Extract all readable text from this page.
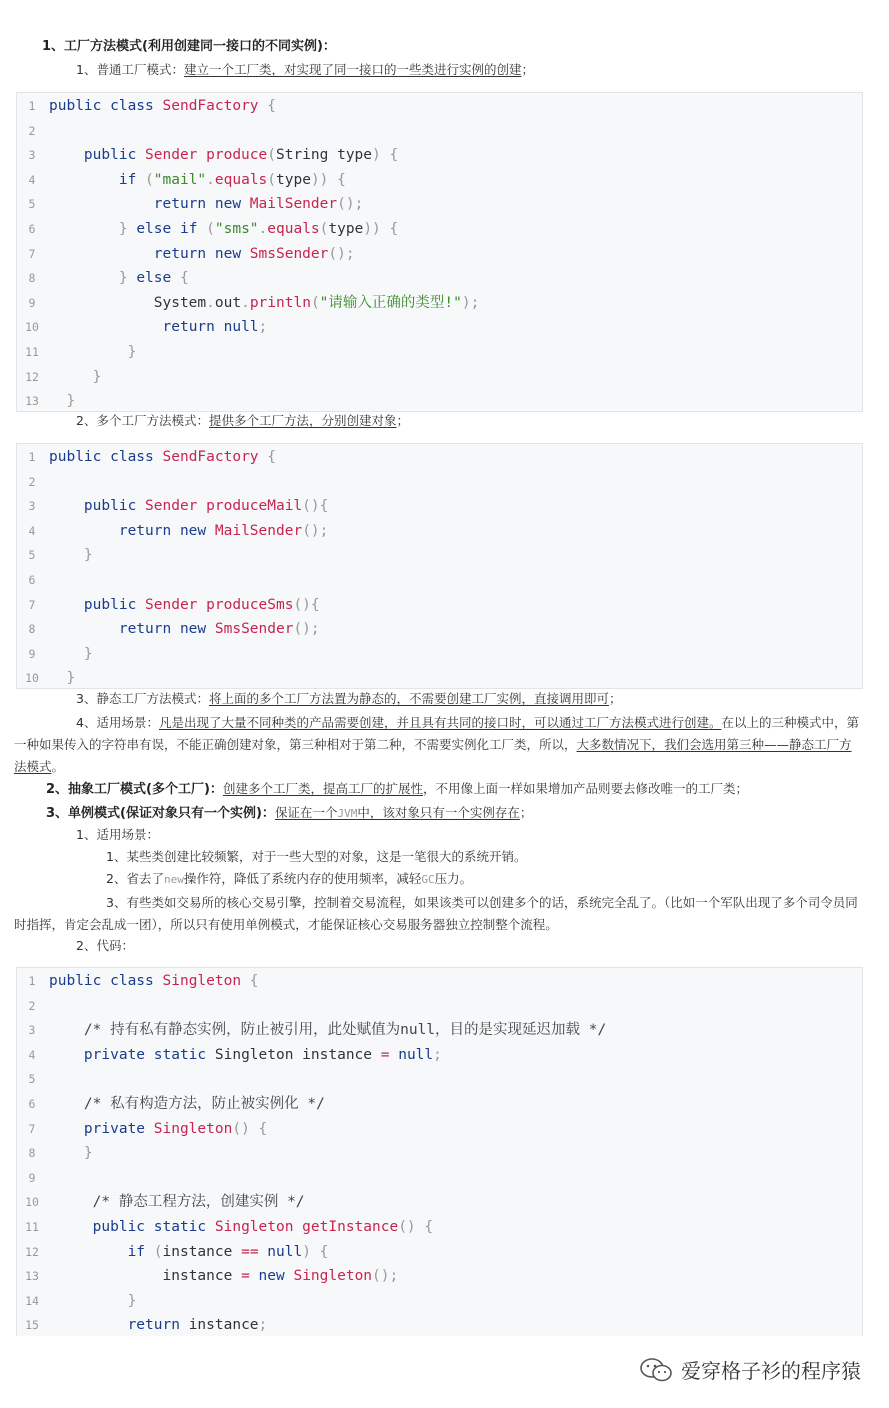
1、工厂方法模式(利用创建同一接口的不同实例)：
1、普通工厂模式：建立一个工厂类，对实现了同一接口的一些类进行实例的创建；
1 public class SendFactory {
2
3	public Sender produce(String type) {
4	if ("mail".equals(type)) {
5	return new MailSender();
6	} else if ("sms".equals(type)) {
7	return new SmsSender();
8	} else {
9	System.out.println("请输入正确的类型!");
10	return null;
11	}
12	}
13	}
2、多个工厂方法模式：提供多个工厂方法，分别创建对象；
1 public class SendFactory {
2
3	public Sender produceMail(){
4	return new MailSender();
5	}
6
7	public Sender produceSms(){
8	return new SmsSender();
9	}
10	}
3、静态工厂方法模式：将上面的多个工厂方法置为静态的，不需要创建工厂实例，直接调用即可；
4、适用场景：凡是出现了大量不同种类的产品需要创建，并且具有共同的接口时，可以通过工厂方法模式进行创建。在以上的三种模式中，第一种如果传入的字符串有误，不能正确创建对象，第三种相对于第二种，不需要实例化工厂类，所以，大多数情况下，我们会选用第三种——静态工厂方法模式。
2、抽象工厂模式(多个工厂)：创建多个工厂类，提高工厂的扩展性，不用像上面一样如果增加产品则要去修改唯一的工厂类；
3、单例模式(保证对象只有一个实例)：保证在一个JVM中，该对象只有一个实例存在；
1、适用场景：
1、某些类创建比较频繁，对于一些大型的对象，这是一笔很大的系统开销。
2、省去了new操作符，降低了系统内存的使用频率，减轻GC压力。
3、有些类如交易所的核心交易引擎，控制着交易流程，如果该类可以创建多个的话，系统完全乱了。（比如一个军队出现了多个司令员同时指挥，肯定会乱成一团），所以只有使用单例模式，才能保证核心交易服务器独立控制整个流程。
2、代码：
1 public class Singleton {
2
3	/* 持有私有静态实例，防止被引用，此处赋值为null，目的是实现延迟加载 */
4	private static Singleton instance = null;
5
6	/* 私有构造方法，防止被实例化 */
7	private Singleton() {
8	}
9
10	/* 静态工程方法，创建实例 */
11	public static Singleton getInstance() {
12	if (instance == null) {
13	instance = new Singleton();
14	}
15	return instance;
爱穿格子衫的程序猿
